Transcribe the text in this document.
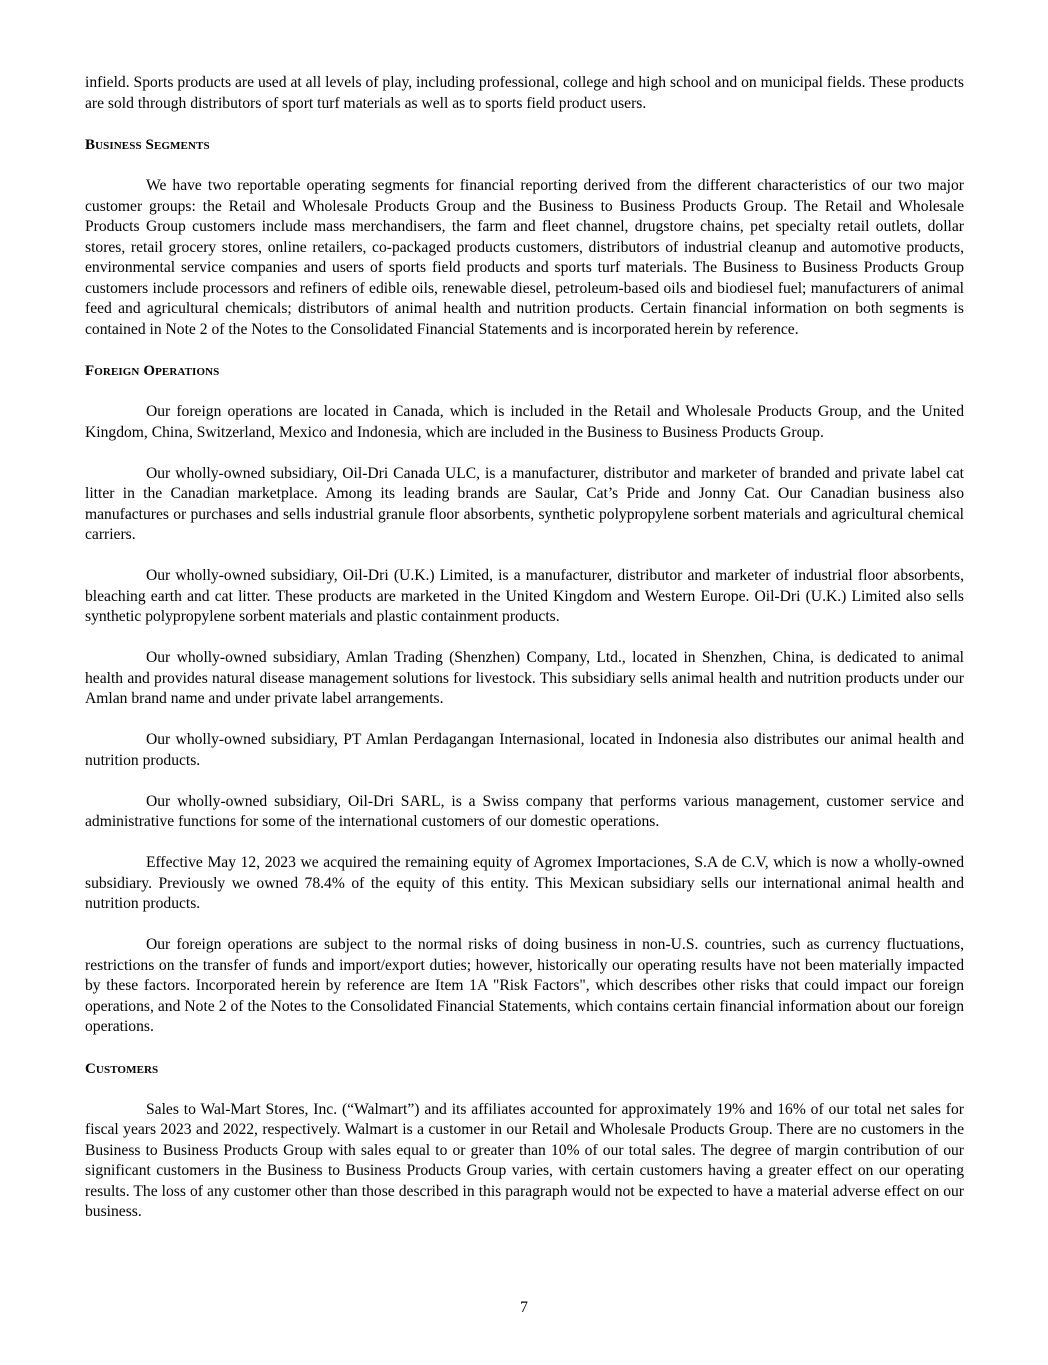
infield. Sports products are used at all levels of play, including professional, college and high school and on municipal fields. These products are sold through distributors of sport turf materials as well as to sports field product users.

Business Segments

We have two reportable operating segments for financial reporting derived from the different characteristics of our two major customer groups: the Retail and Wholesale Products Group and the Business to Business Products Group. The Retail and Wholesale Products Group customers include mass merchandisers, the farm and fleet channel, drugstore chains, pet specialty retail outlets, dollar stores, retail grocery stores, online retailers, co-packaged products customers, distributors of industrial cleanup and automotive products, environmental service companies and users of sports field products and sports turf materials. The Business to Business Products Group customers include processors and refiners of edible oils, renewable diesel, petroleum-based oils and biodiesel fuel; manufacturers of animal feed and agricultural chemicals; distributors of animal health and nutrition products. Certain financial information on both segments is contained in Note 2 of the Notes to the Consolidated Financial Statements and is incorporated herein by reference.

Foreign Operations

Our foreign operations are located in Canada, which is included in the Retail and Wholesale Products Group, and the United Kingdom, China, Switzerland, Mexico and Indonesia, which are included in the Business to Business Products Group.

Our wholly-owned subsidiary, Oil-Dri Canada ULC, is a manufacturer, distributor and marketer of branded and private label cat litter in the Canadian marketplace. Among its leading brands are Saular, Cat’s Pride and Jonny Cat. Our Canadian business also manufactures or purchases and sells industrial granule floor absorbents, synthetic polypropylene sorbent materials and agricultural chemical carriers.

Our wholly-owned subsidiary, Oil-Dri (U.K.) Limited, is a manufacturer, distributor and marketer of industrial floor absorbents, bleaching earth and cat litter. These products are marketed in the United Kingdom and Western Europe. Oil-Dri (U.K.) Limited also sells synthetic polypropylene sorbent materials and plastic containment products.

Our wholly-owned subsidiary, Amlan Trading (Shenzhen) Company, Ltd., located in Shenzhen, China, is dedicated to animal health and provides natural disease management solutions for livestock. This subsidiary sells animal health and nutrition products under our Amlan brand name and under private label arrangements.

Our wholly-owned subsidiary, PT Amlan Perdagangan Internasional, located in Indonesia also distributes our animal health and nutrition products.

Our wholly-owned subsidiary, Oil-Dri SARL, is a Swiss company that performs various management, customer service and administrative functions for some of the international customers of our domestic operations.

Effective May 12, 2023 we acquired the remaining equity of Agromex Importaciones, S.A de C.V, which is now a wholly-owned subsidiary. Previously we owned 78.4% of the equity of this entity. This Mexican subsidiary sells our international animal health and nutrition products.

Our foreign operations are subject to the normal risks of doing business in non-U.S. countries, such as currency fluctuations, restrictions on the transfer of funds and import/export duties; however, historically our operating results have not been materially impacted by these factors. Incorporated herein by reference are Item 1A "Risk Factors", which describes other risks that could impact our foreign operations, and Note 2 of the Notes to the Consolidated Financial Statements, which contains certain financial information about our foreign operations.

Customers

Sales to Wal-Mart Stores, Inc. (“Walmart”) and its affiliates accounted for approximately 19% and 16% of our total net sales for fiscal years 2023 and 2022, respectively. Walmart is a customer in our Retail and Wholesale Products Group. There are no customers in the Business to Business Products Group with sales equal to or greater than 10% of our total sales. The degree of margin contribution of our significant customers in the Business to Business Products Group varies, with certain customers having a greater effect on our operating results. The loss of any customer other than those described in this paragraph would not be expected to have a material adverse effect on our business.

7
